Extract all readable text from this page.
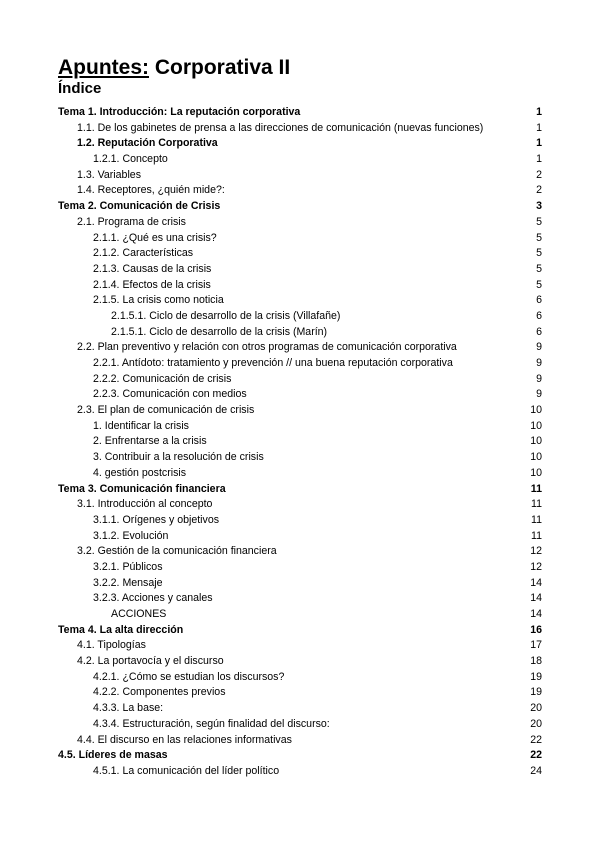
Apuntes: Corporativa II
Índice
Tema 1. Introducción: La reputación corporativa	1
1.1. De los gabinetes de prensa a las direcciones de comunicación (nuevas funciones)	1
1.2. Reputación Corporativa	1
1.2.1. Concepto	1
1.3. Variables	2
1.4. Receptores, ¿quién mide?:	2
Tema 2. Comunicación de Crisis	3
2.1. Programa de crisis	5
2.1.1. ¿Qué es una crisis?	5
2.1.2. Características	5
2.1.3. Causas de la crisis	5
2.1.4. Efectos de la crisis	5
2.1.5. La crisis como noticia	6
2.1.5.1. Ciclo de desarrollo de la crisis (Villafañe)	6
2.1.5.1. Ciclo de desarrollo de la crisis (Marín)	6
2.2. Plan preventivo y relación con otros programas de comunicación corporativa	9
2.2.1. Antídoto: tratamiento y prevención // una buena reputación corporativa	9
2.2.2. Comunicación de crisis	9
2.2.3. Comunicación con medios	9
2.3. El plan de comunicación de crisis	10
1. Identificar la crisis	10
2. Enfrentarse a la crisis	10
3. Contribuir a la resolución de crisis	10
4. gestión postcrisis	10
Tema 3. Comunicación financiera	11
3.1. Introducción al concepto	11
3.1.1. Orígenes y objetivos	11
3.1.2. Evolución	11
3.2. Gestión de la comunicación financiera	12
3.2.1. Públicos	12
3.2.2. Mensaje	14
3.2.3. Acciones y canales	14
ACCIONES	14
Tema 4. La alta dirección	16
4.1. Tipologías	17
4.2. La portavocía y el discurso	18
4.2.1. ¿Cómo se estudian los discursos?	19
4.2.2. Componentes previos	19
4.3.3. La base:	20
4.3.4. Estructuración, según finalidad del discurso:	20
4.4. El discurso en las relaciones informativas	22
4.5. Líderes de masas	22
4.5.1. La comunicación del líder político	24
